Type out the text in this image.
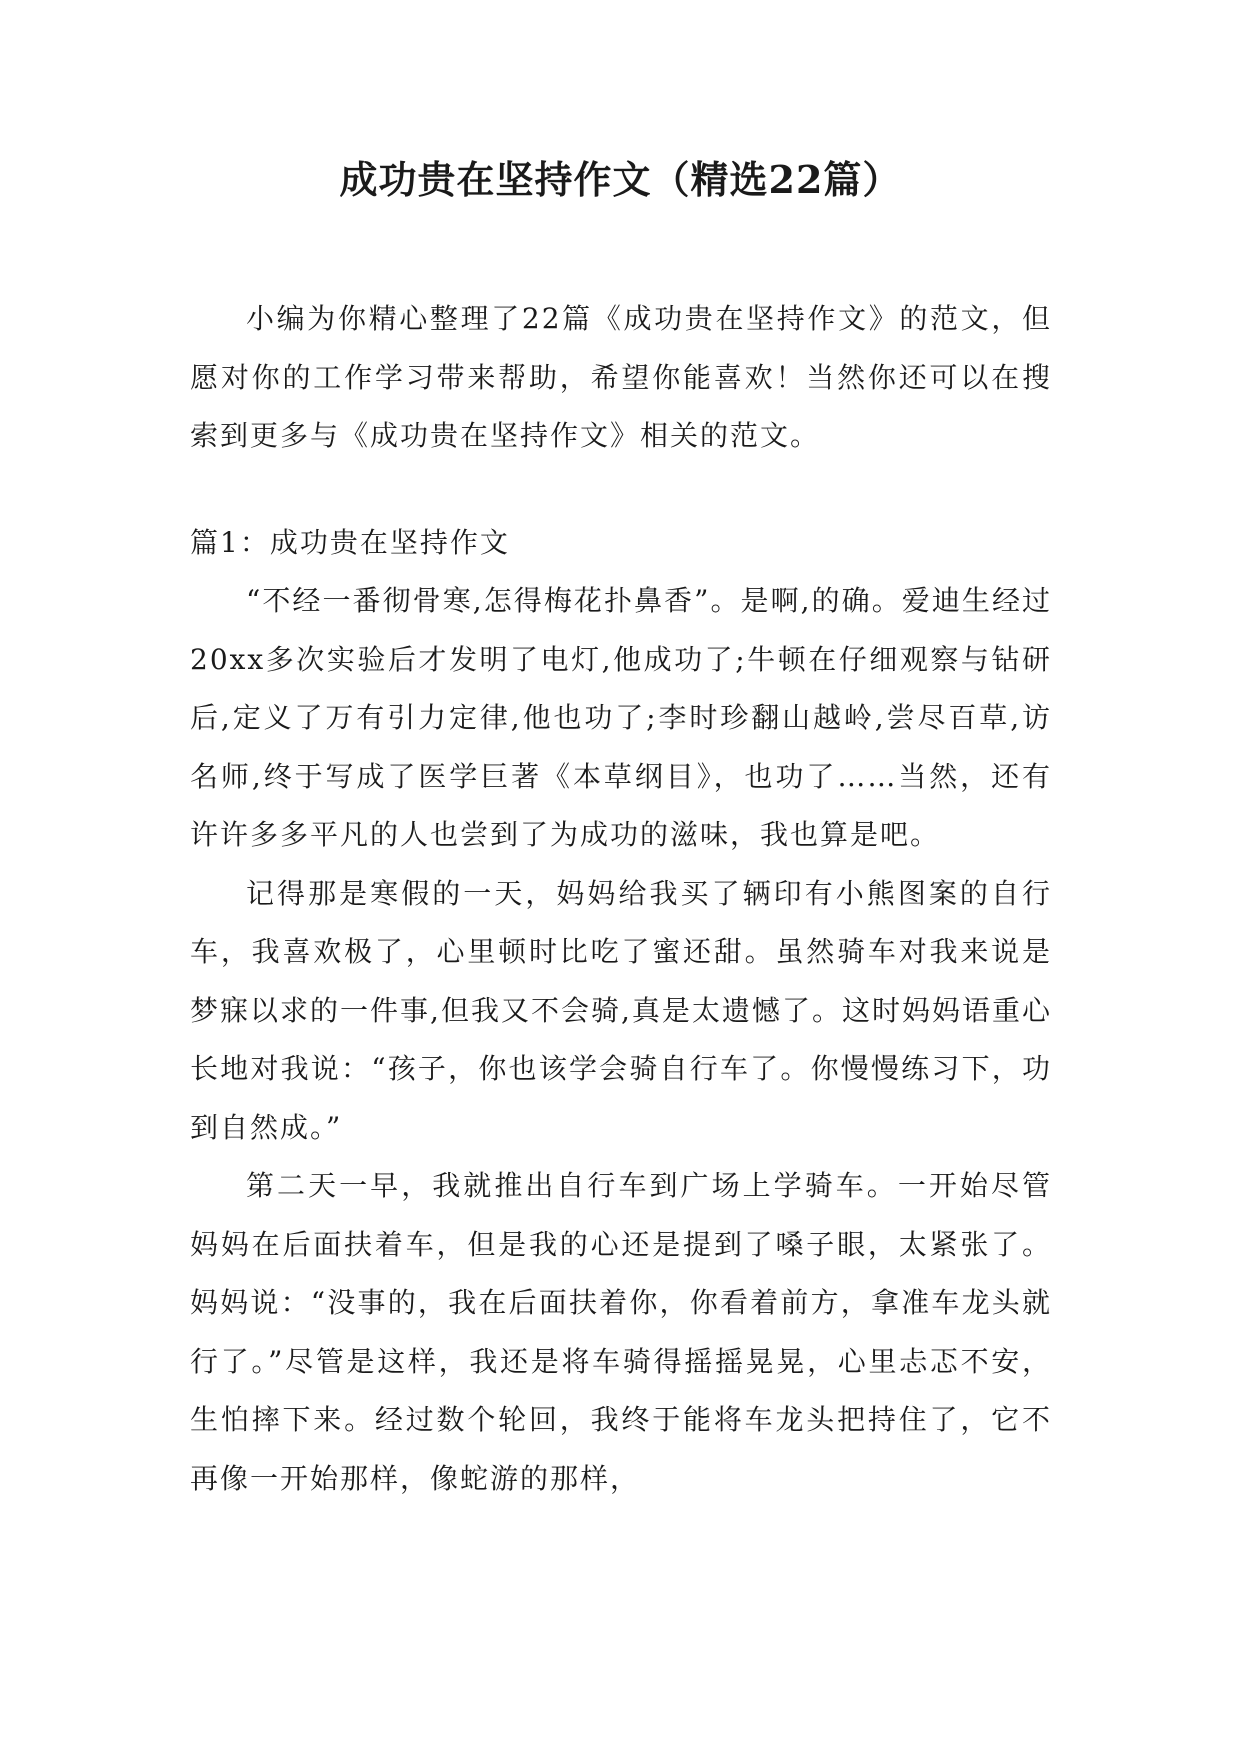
成功贵在坚持作文（精选22篇）

小编为你精心整理了22篇《成功贵在坚持作文》的范文，但愿对你的工作学习带来帮助，希望你能喜欢！当然你还可以在搜索到更多与《成功贵在坚持作文》相关的范文。

篇1：成功贵在坚持作文

“不经一番彻骨寒,怎得梅花扑鼻香”。是啊,的确。爱迪生经过20xx多次实验后才发明了电灯,他成功了;牛顿在仔细观察与钻研后,定义了万有引力定律,他也功了;李时珍翻山越岭,尝尽百草,访名师,终于写成了医学巨著《本草纲目》，也功了……当然，还有许许多多平凡的人也尝到了为成功的滋味，我也算是吧。

记得那是寒假的一天，妈妈给我买了辆印有小熊图案的自行车，我喜欢极了，心里顿时比吃了蜜还甜。虽然骑车对我来说是梦寐以求的一件事,但我又不会骑,真是太遗憾了。这时妈妈语重心长地对我说：“孩子，你也该学会骑自行车了。你慢慢练习下，功到自然成。”

第二天一早，我就推出自行车到广场上学骑车。一开始尽管妈妈在后面扶着车，但是我的心还是提到了嗓子眼，太紧张了。妈妈说：“没事的，我在后面扶着你，你看着前方，拿准车龙头就行了。”尽管是这样，我还是将车骑得摇摇晃晃，心里忐忑不安，生怕摔下来。经过数个轮回，我终于能将车龙头把持住了，它不再像一开始那样，像蛇游的那样，
